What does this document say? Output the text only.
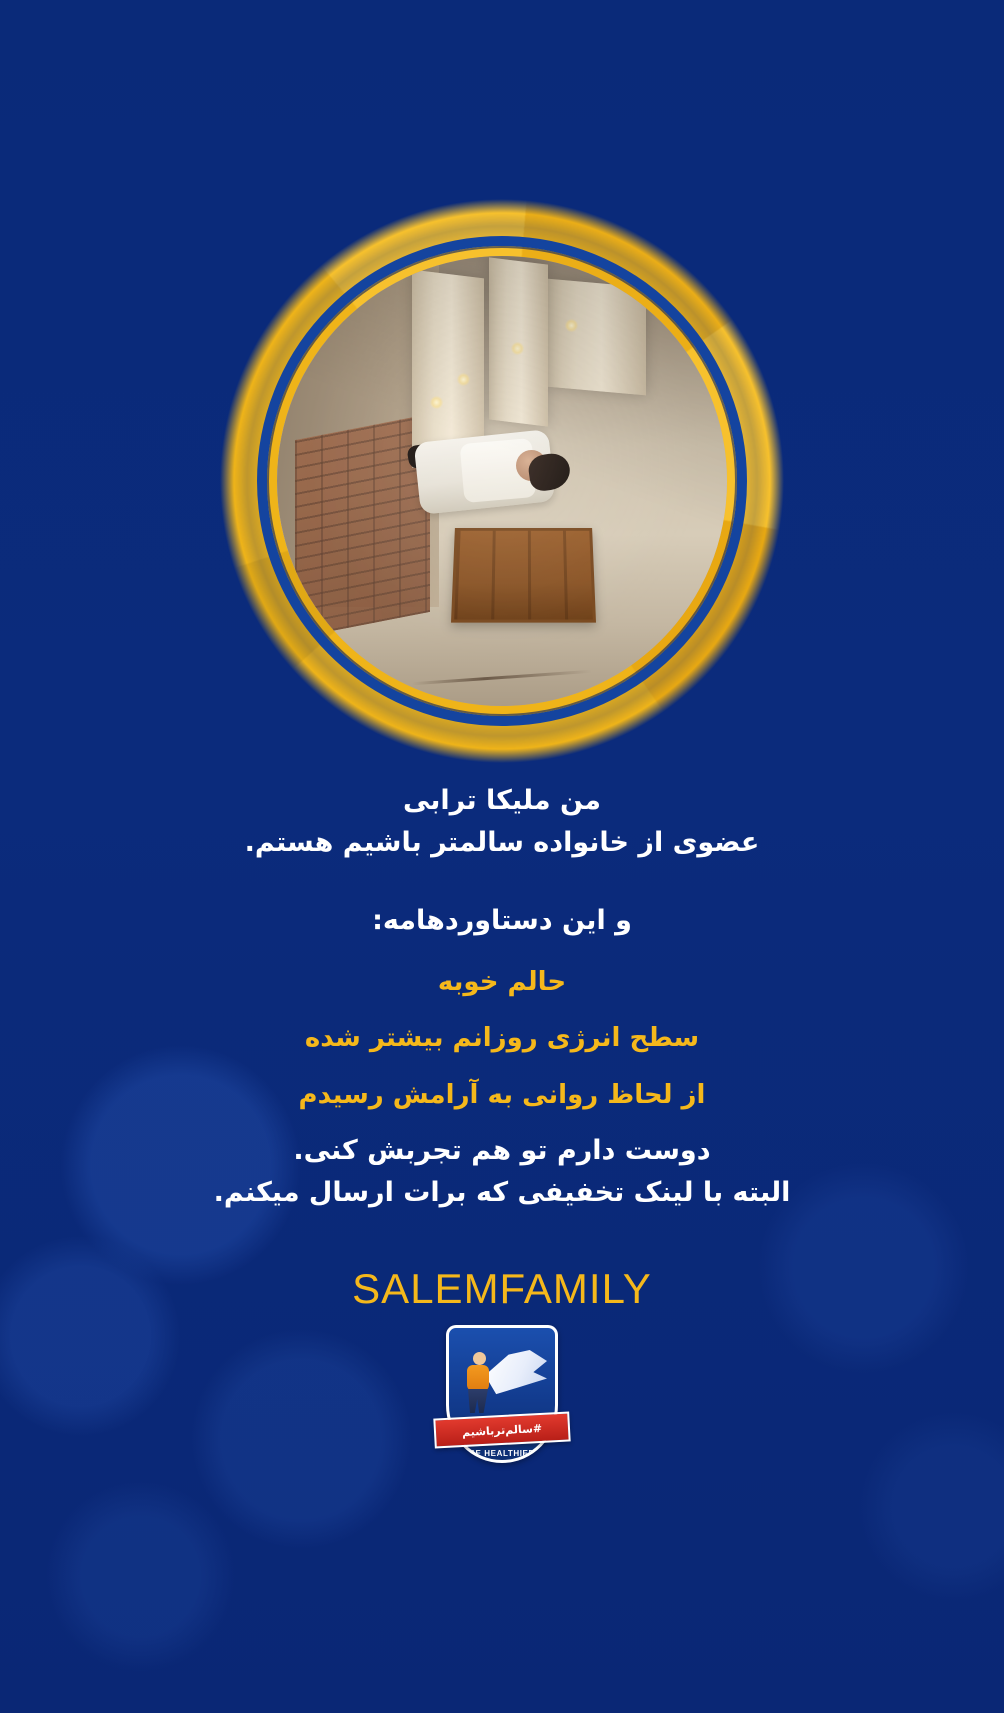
من ملیکا ترابی
عضوی از خانواده سالمتر باشیم هستم.
و این دستاوردهامه:
حالم خوبه
سطح انرژی روزانم بیشتر شده
از لحاظ روانی به آرامش رسیدم
دوست دارم تو هم تجربش کنی.
البته با لینک تخفیفی که برات ارسال میکنم.
SALEMFAMILY
BE HEALTHIER
#سالم‌تر‌باشیم
